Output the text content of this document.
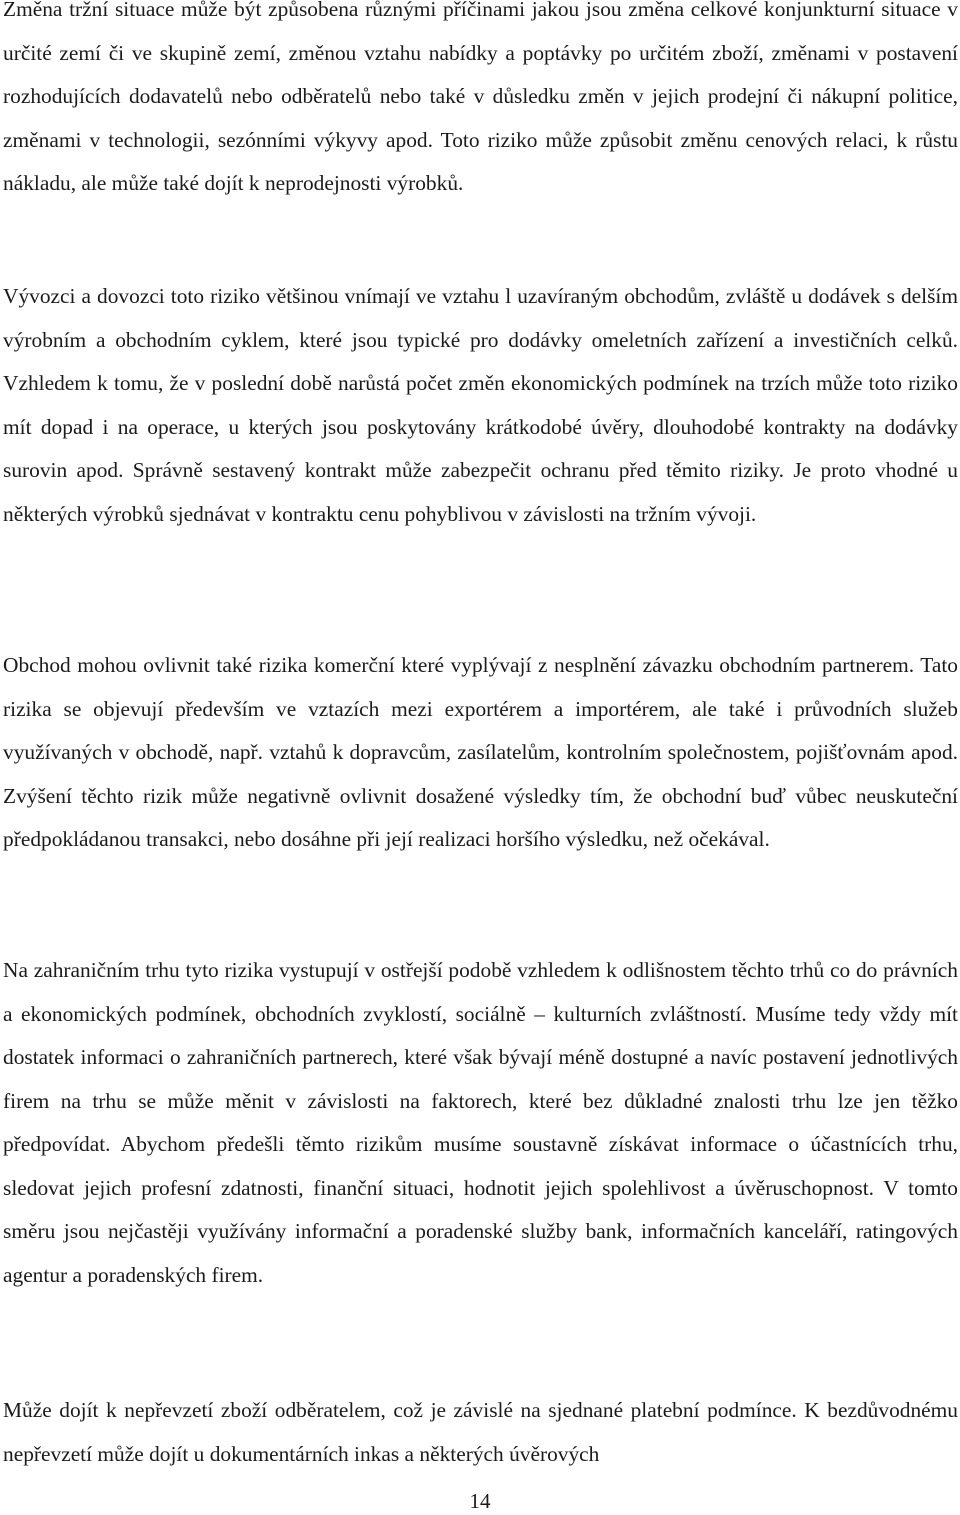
Změna tržní situace může být způsobena různými příčinami jakou jsou změna celkové konjunkturní situace v určité zemí či ve skupině zemí, změnou vztahu nabídky a poptávky po určitém zboží, změnami v postavení rozhodujících dodavatelů nebo odběratelů nebo také v důsledku změn v jejich prodejní či nákupní politice, změnami v technologii, sezónními výkyvy apod. Toto riziko může způsobit změnu cenových relaci, k růstu nákladu, ale může také dojít k neprodejnosti výrobků.

Vývozci a dovozci toto riziko většinou vnímají ve vztahu l uzavíraným obchodům, zvláště u dodávek s delším výrobním a obchodním cyklem, které jsou typické pro dodávky omeletních zařízení a investičních celků. Vzhledem k tomu, že v poslední době narůstá počet změn ekonomických podmínek na trzích může toto riziko mít dopad i na operace, u kterých jsou poskytovány krátkodobé úvěry, dlouhodobé kontrakty na dodávky surovin apod. Správně sestavený kontrakt může zabezpečit ochranu před těmito riziky. Je proto vhodné u některých výrobků sjednávat v kontraktu cenu pohyblivou v závislosti na tržním vývoji.

Obchod mohou ovlivnit také rizika komerční které vyplývají z nesplnění závazku obchodním partnerem. Tato rizika se objevují především ve vztazích mezi exportérem a importérem, ale také i průvodních služeb využívaných v obchodě, např. vztahů k dopravcům, zasílatelům, kontrolním společnostem, pojišťovnám apod. Zvýšení těchto rizik může negativně ovlivnit dosažené výsledky tím, že obchodní buď vůbec neuskuteční předpokládanou transakci, nebo dosáhne při její realizaci horšího výsledku, než očekával.

Na zahraničním trhu tyto rizika vystupují v ostřejší podobě vzhledem k odlišnostem těchto trhů co do právních a ekonomických podmínek, obchodních zvyklostí, sociálně – kulturních zvláštností. Musíme tedy vždy mít dostatek informaci o zahraničních partnerech, které však bývají méně dostupné a navíc postavení jednotlivých firem na trhu se může měnit v závislosti na faktorech, které bez důkladné znalosti trhu lze jen těžko předpovídat. Abychom předešli těmto rizikům musíme soustavně získávat informace o účastnících trhu, sledovat jejich profesní zdatnosti, finanční situaci, hodnotit jejich spolehlivost a úvěruschopnost. V tomto směru jsou nejčastěji využívány informační a poradenské služby bank, informačních kanceláří, ratingových agentur a poradenských firem.

Může dojít k nepřevzetí zboží odběratelem, což je závislé na sjednané platební podmínce. K bezdůvodnému nepřevzetí může dojít u dokumentárních inkas a některých úvěrových

14
